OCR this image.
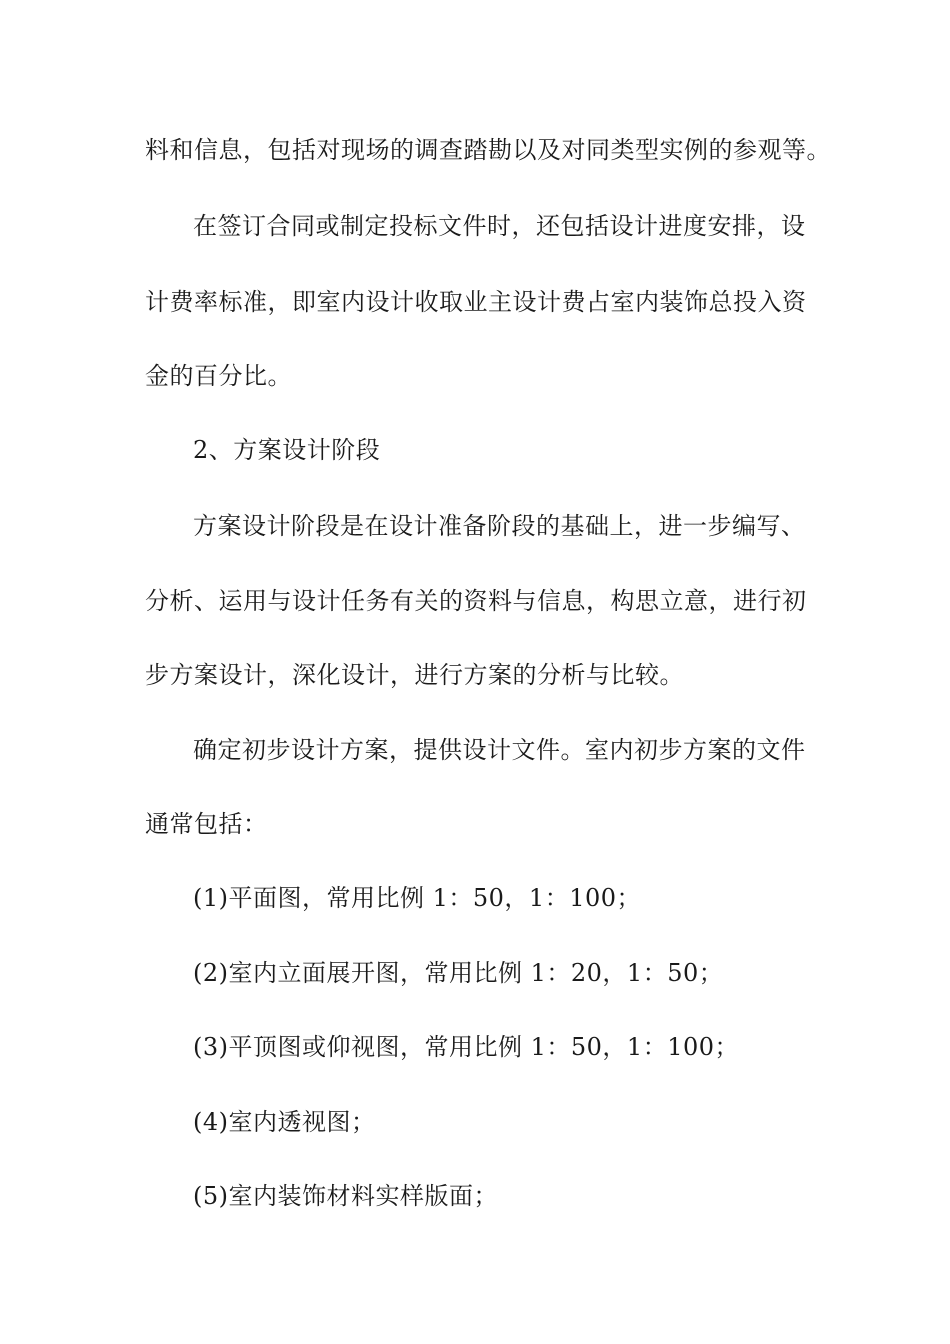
料和信息，包括对现场的调查踏勘以及对同类型实例的参观等。
在签订合同或制定投标文件时，还包括设计进度安排，设
计费率标准，即室内设计收取业主设计费占室内装饰总投入资
金的百分比。
2、方案设计阶段
方案设计阶段是在设计准备阶段的基础上，进一步编写、
分析、运用与设计任务有关的资料与信息，构思立意，进行初
步方案设计，深化设计，进行方案的分析与比较。
确定初步设计方案，提供设计文件。室内初步方案的文件
通常包括：
(1)平面图，常用比例 1：50，1：100；
(2)室内立面展开图，常用比例 1：20，1：50；
(3)平顶图或仰视图，常用比例 1：50，1：100；
(4)室内透视图；
(5)室内装饰材料实样版面；
